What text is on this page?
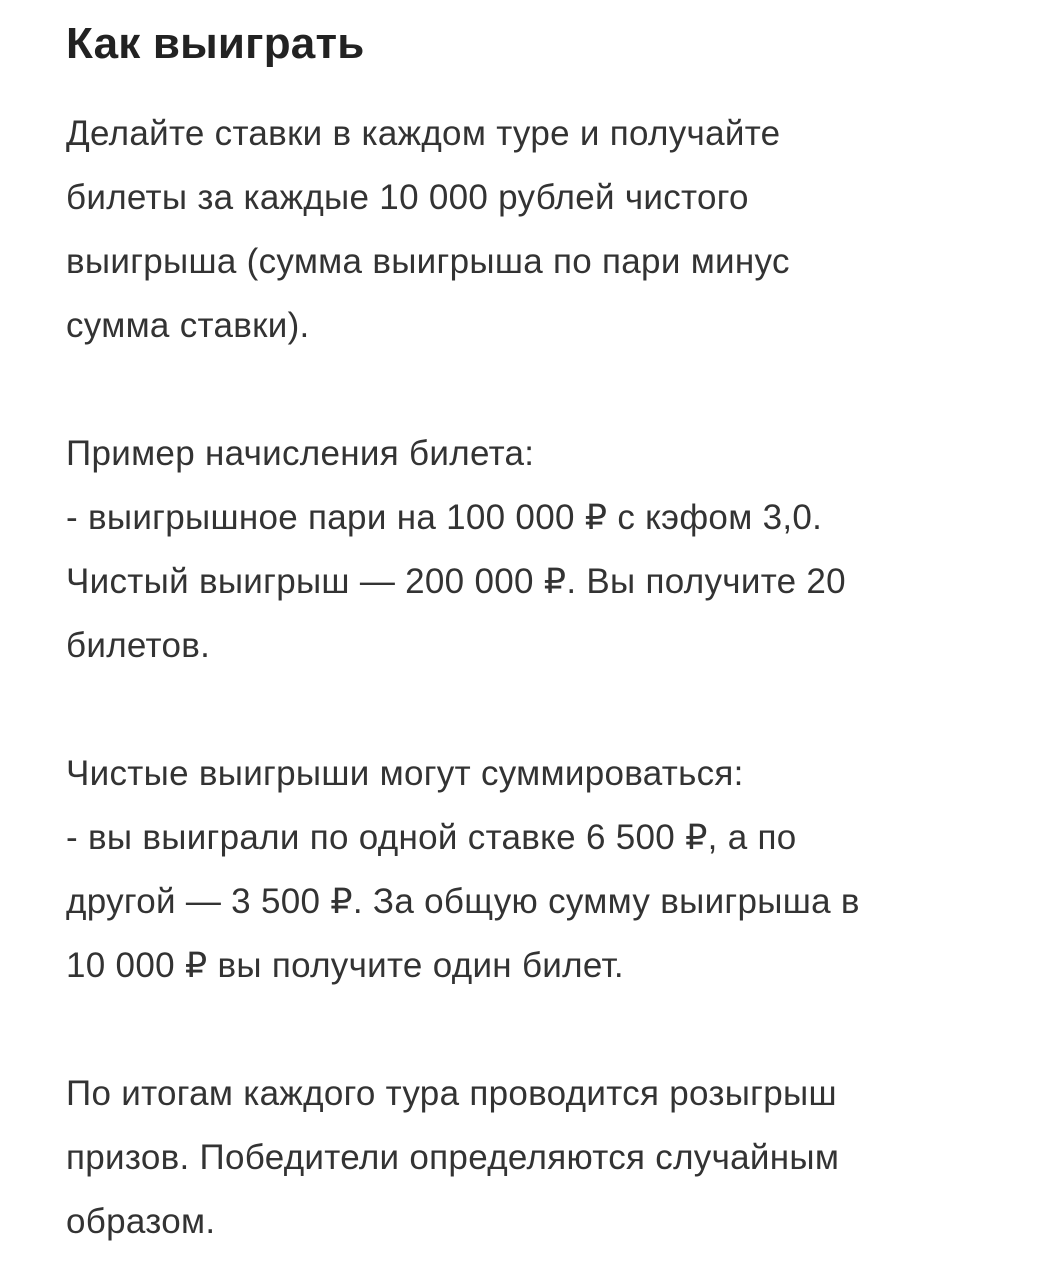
Как выиграть

Делайте ставки в каждом туре и получайте
билеты за каждые 10 000 рублей чистого
выигрыша (сумма выигрыша по пари минус
сумма ставки).

Пример начисления билета:
- выигрышное пари на 100 000 ₽ с кэфом 3,0.
Чистый выигрыш — 200 000 ₽. Вы получите 20
билетов.

Чистые выигрыши могут суммироваться:
- вы выиграли по одной ставке 6 500 ₽, а по
другой — 3 500 ₽. За общую сумму выигрыша в
10 000 ₽ вы получите один билет.

По итогам каждого тура проводится розыгрыш
призов. Победители определяются случайным
образом.
